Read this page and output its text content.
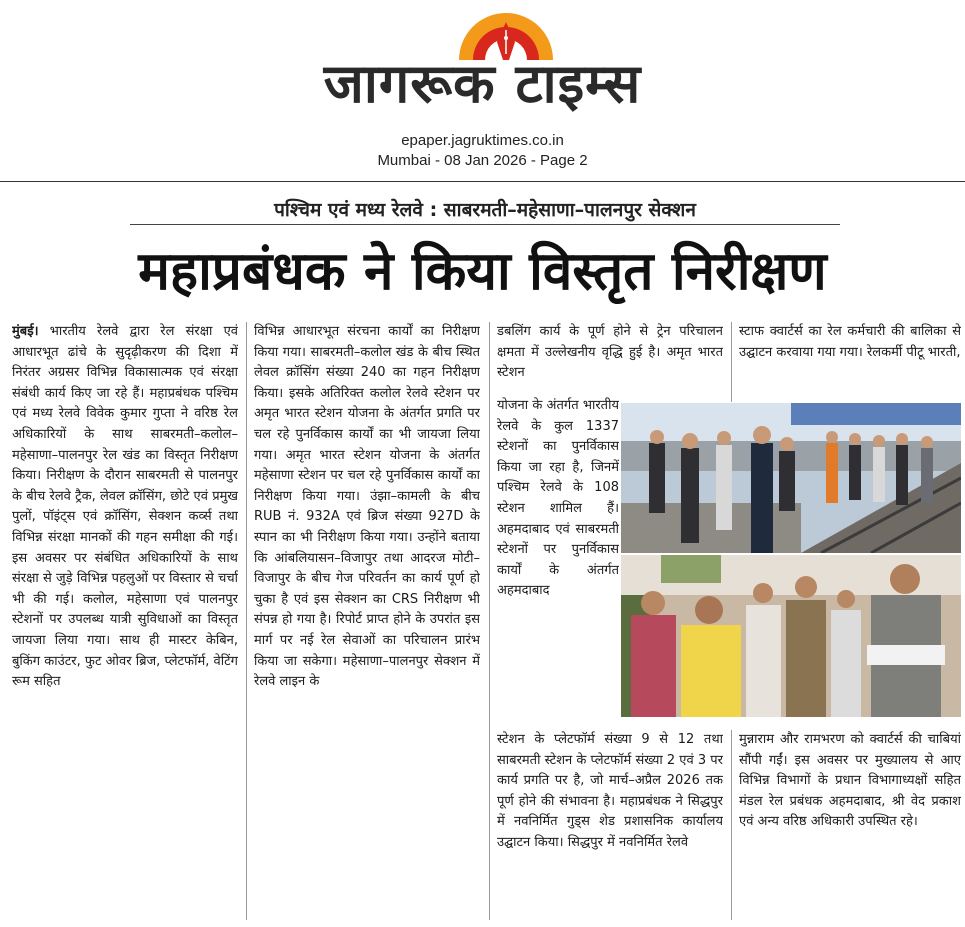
जागरूक टाइम्स
epaper.jagruktimes.co.in
Mumbai - 08 Jan 2026 - Page 2
पश्चिम एवं मध्य रेलवे : साबरमती–महेसाणा–पालनपुर सेक्शन
महाप्रबंधक ने किया विस्तृत निरीक्षण
मुंबई। भारतीय रेलवे द्वारा रेल संरक्षा एवं आधारभूत ढांचे के सुदृढ़ीकरण की दिशा में निरंतर अग्रसर विभिन्न विकासात्मक एवं संरक्षा संबंधी कार्य किए जा रहे हैं। महाप्रबंधक पश्चिम एवं मध्य रेलवे विवेक कुमार गुप्ता ने वरिष्ठ रेल अधिकारियों के साथ साबरमती–कलोल–महेसाणा–पालनपुर रेल खंड का विस्तृत निरीक्षण किया। निरीक्षण के दौरान साबरमती से पालनपुर के बीच रेलवे ट्रैक, लेवल क्रॉसिंग, छोटे एवं प्रमुख पुलों, पॉइंट्स एवं क्रॉसिंग, सेक्शन कर्व्स तथा विभिन्न संरक्षा मानकों की गहन समीक्षा की गई। इस अवसर पर संबंधित अधिकारियों के साथ संरक्षा से जुड़े विभिन्न पहलुओं पर विस्तार से चर्चा भी की गई। कलोल, महेसाणा एवं पालनपुर स्टेशनों पर उपलब्ध यात्री सुविधाओं का विस्तृत जायजा लिया गया। साथ ही मास्टर केबिन, बुकिंग काउंटर, फुट ओवर ब्रिज, प्लेटफॉर्म, वेटिंग रूम सहित
विभिन्न आधारभूत संरचना कार्यों का निरीक्षण किया गया। साबरमती–कलोल खंड के बीच स्थित लेवल क्रॉसिंग संख्या 240 का गहन निरीक्षण किया। इसके अतिरिक्त कलोल रेलवे स्टेशन पर अमृत भारत स्टेशन योजना के अंतर्गत प्रगति पर चल रहे पुनर्विकास कार्यों का भी जायजा लिया गया। अमृत भारत स्टेशन योजना के अंतर्गत महेसाणा स्टेशन पर चल रहे पुनर्विकास कार्यों का निरीक्षण किया गया। उंझा–कामली के बीच RUB नं. 932A एवं ब्रिज संख्या 927D के स्पान का भी निरीक्षण किया गया। उन्होंने बताया कि आंबलियासन–विजापुर तथा आदरज मोटी–विजापुर के बीच गेज परिवर्तन का कार्य पूर्ण हो चुका है एवं इस सेक्शन का CRS निरीक्षण भी संपन्न हो गया है। रिपोर्ट प्राप्त होने के उपरांत इस मार्ग पर नई रेल सेवाओं का परिचालन प्रारंभ किया जा सकेगा। महेसाणा–पालनपुर सेक्शन में रेलवे लाइन के
डबलिंग कार्य के पूर्ण होने से ट्रेन परिचालन क्षमता में उल्लेखनीय वृद्धि हुई है। अमृत भारत स्टेशन
योजना के अंतर्गत भारतीय रेलवे के कुल 1337 स्टेशनों का पुनर्विकास किया जा रहा है, जिनमें पश्चिम रेलवे के 108 स्टेशन शामिल हैं। अहमदाबाद एवं साबरमती स्टेशनों पर पुनर्विकास कार्यों के अंतर्गत अहमदाबाद
स्टेशन के प्लेटफॉर्म संख्या 9 से 12 तथा साबरमती स्टेशन के प्लेटफॉर्म संख्या 2 एवं 3 पर कार्य प्रगति पर है, जो मार्च–अप्रैल 2026 तक पूर्ण होने की संभावना है। महाप्रबंधक ने सिद्धपुर में नवनिर्मित गुड्स शेड प्रशासनिक कार्यालय उद्घाटन किया। सिद्धपुर में नवनिर्मित रेलवे
स्टाफ क्वार्टर्स का रेल कर्मचारी की बालिका से उद्घाटन करवाया गया गया। रेलकर्मी पीटू भारती,
मुन्नाराम और रामभरण को क्वार्टर्स की चाबियां सौंपी गईं। इस अवसर पर मुख्यालय से आए विभिन्न विभागों के प्रधान विभागाध्यक्षों सहित मंडल रेल प्रबंधक अहमदाबाद, श्री वेद प्रकाश एवं अन्य वरिष्ठ अधिकारी उपस्थित रहे।
